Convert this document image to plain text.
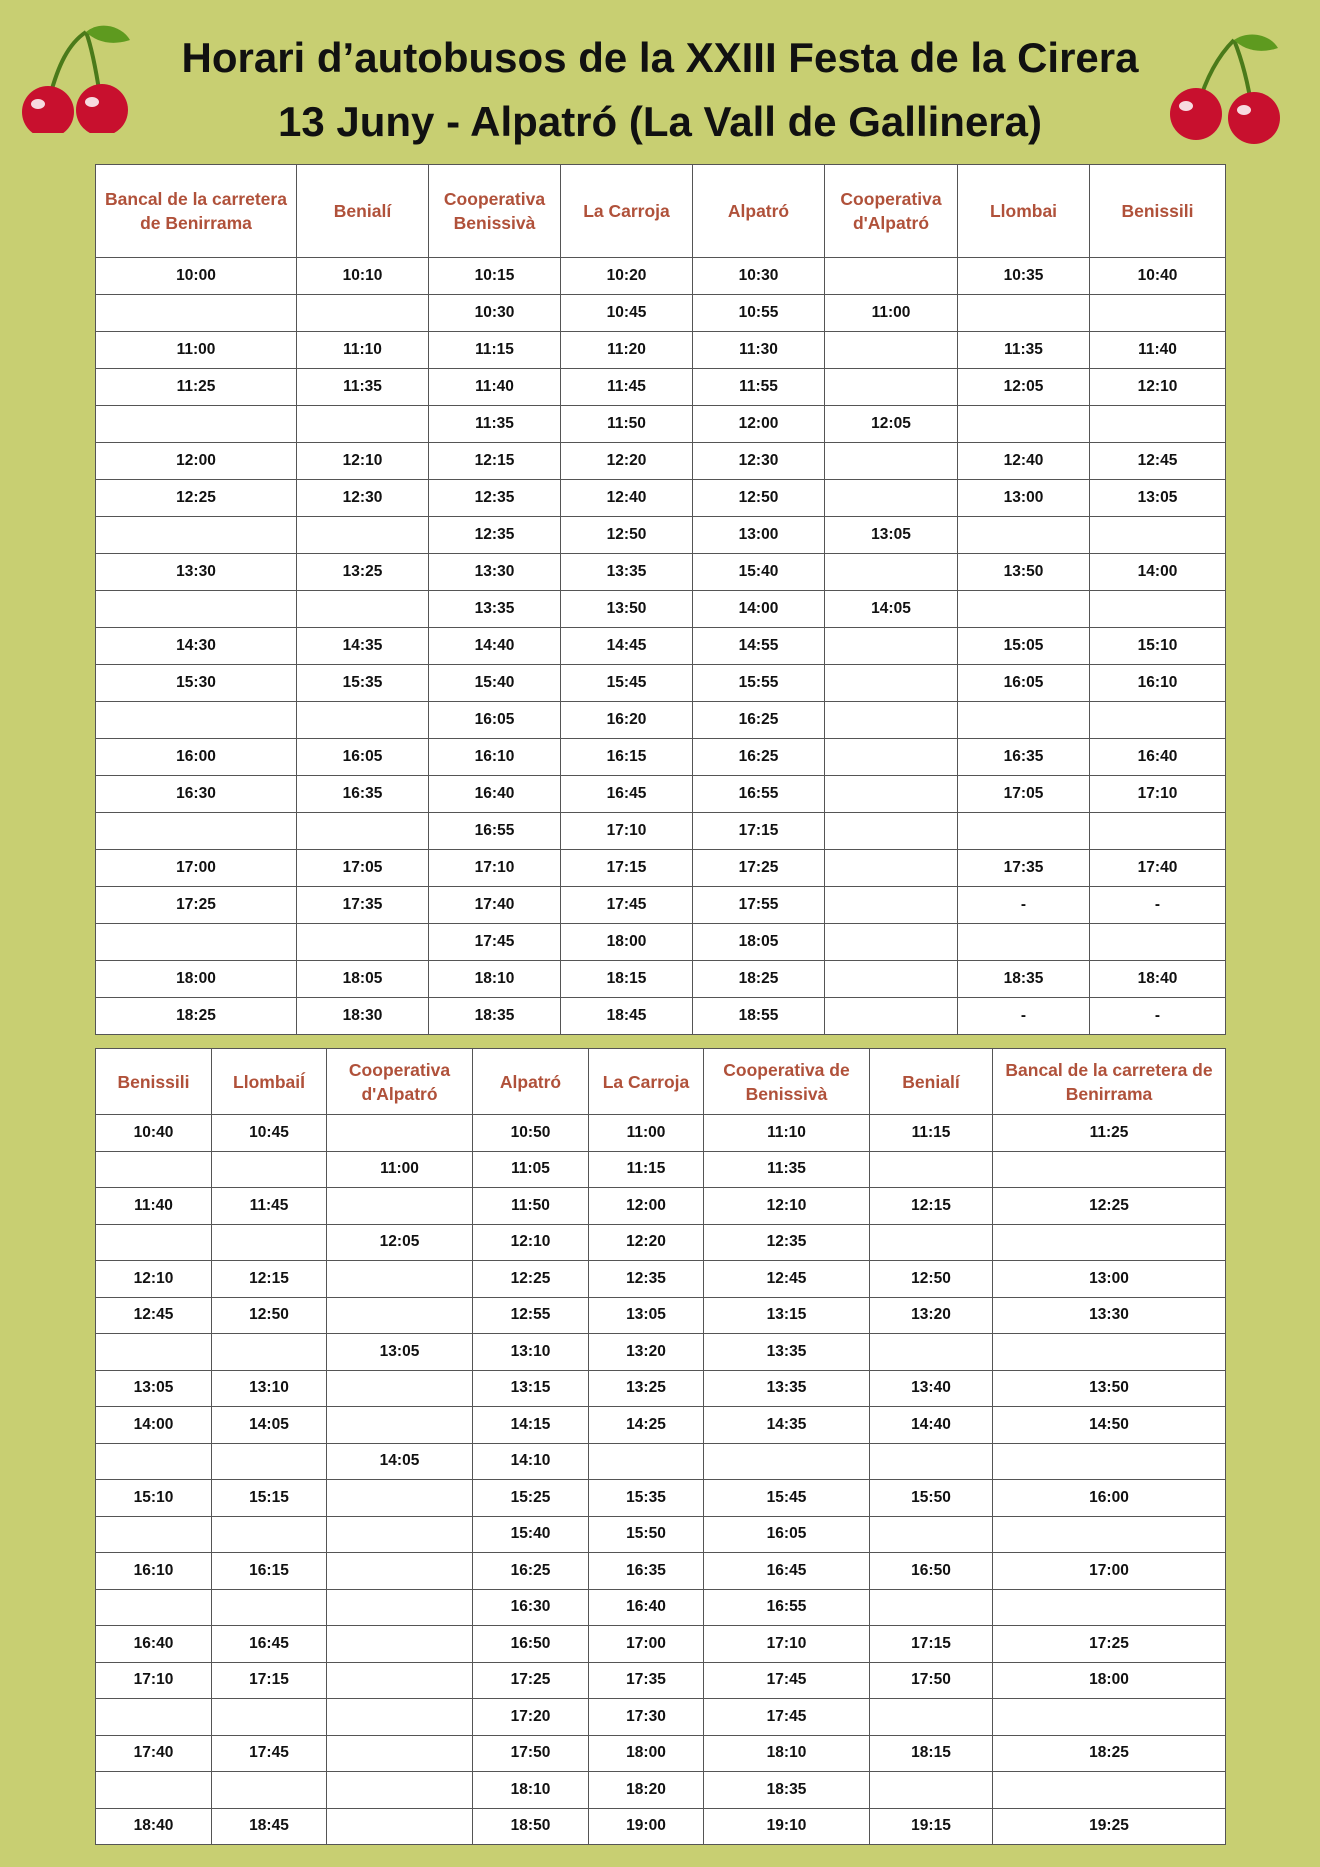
Horari d’autobusos de la XXIII Festa de la Cirera
13 Juny - Alpatró (La Vall de Gallinera)
Bancal de la carretera de Benirrama	Benialí	Cooperativa Benissivà	La Carroja	Alpatró	Cooperativa d'Alpatró	Llombai	Benissili
10:00	10:10	10:15	10:20	10:30		10:35	10:40
		10:30	10:45	10:55	11:00		
11:00	11:10	11:15	11:20	11:30		11:35	11:40
11:25	11:35	11:40	11:45	11:55		12:05	12:10
		11:35	11:50	12:00	12:05		
12:00	12:10	12:15	12:20	12:30		12:40	12:45
12:25	12:30	12:35	12:40	12:50		13:00	13:05
		12:35	12:50	13:00	13:05		
13:30	13:25	13:30	13:35	15:40		13:50	14:00
		13:35	13:50	14:00	14:05		
14:30	14:35	14:40	14:45	14:55		15:05	15:10
15:30	15:35	15:40	15:45	15:55		16:05	16:10
		16:05	16:20	16:25			
16:00	16:05	16:10	16:15	16:25		16:35	16:40
16:30	16:35	16:40	16:45	16:55		17:05	17:10
		16:55	17:10	17:15			
17:00	17:05	17:10	17:15	17:25		17:35	17:40
17:25	17:35	17:40	17:45	17:55		-	-
		17:45	18:00	18:05			
18:00	18:05	18:10	18:15	18:25		18:35	18:40
18:25	18:30	18:35	18:45	18:55		-	-
Benissili	LlombaiÍ	Cooperativa d'Alpatró	Alpatró	La Carroja	Cooperativa de Benissivà	Benialí	Bancal de la carretera de Benirrama
10:40	10:45		10:50	11:00	11:10	11:15	11:25
		11:00	11:05	11:15	11:35		
11:40	11:45		11:50	12:00	12:10	12:15	12:25
		12:05	12:10	12:20	12:35		
12:10	12:15		12:25	12:35	12:45	12:50	13:00
12:45	12:50		12:55	13:05	13:15	13:20	13:30
		13:05	13:10	13:20	13:35		
13:05	13:10		13:15	13:25	13:35	13:40	13:50
14:00	14:05		14:15	14:25	14:35	14:40	14:50
		14:05	14:10				
15:10	15:15		15:25	15:35	15:45	15:50	16:00
			15:40	15:50	16:05		
16:10	16:15		16:25	16:35	16:45	16:50	17:00
			16:30	16:40	16:55		
16:40	16:45		16:50	17:00	17:10	17:15	17:25
17:10	17:15		17:25	17:35	17:45	17:50	18:00
			17:20	17:30	17:45		
17:40	17:45		17:50	18:00	18:10	18:15	18:25
			18:10	18:20	18:35		
18:40	18:45		18:50	19:00	19:10	19:15	19:25
